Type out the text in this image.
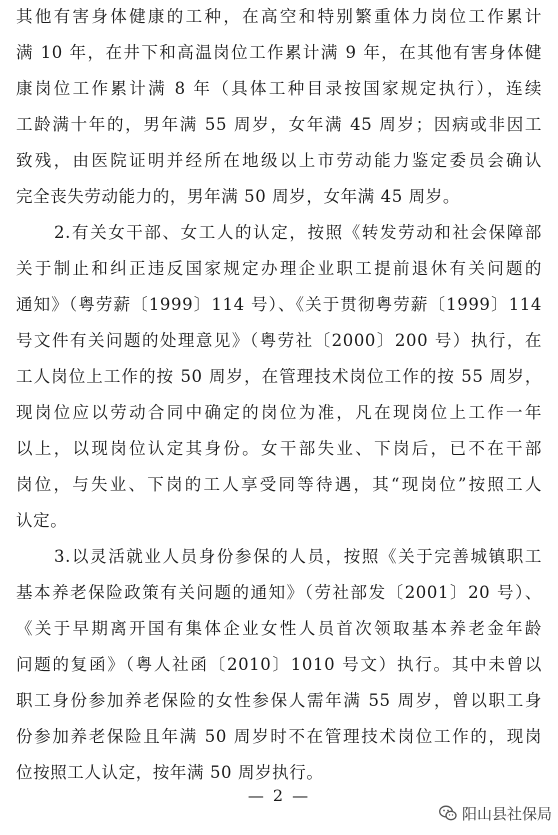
其他有害身体健康的工种，在高空和特别繁重体力岗位工作累计
满 10 年，在井下和高温岗位工作累计满 9 年，在其他有害身体健
康岗位工作累计满 8 年（具体工种目录按国家规定执行），连续
工龄满十年的，男年满 55 周岁，女年满 45 周岁；因病或非因工
致残，由医院证明并经所在地级以上市劳动能力鉴定委员会确认
完全丧失劳动能力的，男年满 50 周岁，女年满 45 周岁。
2.有关女干部、女工人的认定，按照《转发劳动和社会保障部
关于制止和纠正违反国家规定办理企业职工提前退休有关问题的
通知》（粤劳薪〔1999〕114 号）、《关于贯彻粤劳薪〔1999〕114
号文件有关问题的处理意见》（粤劳社〔2000〕200 号）执行，在
工人岗位上工作的按 50 周岁，在管理技术岗位工作的按 55 周岁，
现岗位应以劳动合同中确定的岗位为准，凡在现岗位上工作一年
以上，以现岗位认定其身份。女干部失业、下岗后，已不在干部
岗位，与失业、下岗的工人享受同等待遇，其“现岗位”按照工人
认定。
3.以灵活就业人员身份参保的人员，按照《关于完善城镇职工
基本养老保险政策有关问题的通知》（劳社部发〔2001〕20 号）、
《关于早期离开国有集体企业女性人员首次领取基本养老金年龄
问题的复函》（粤人社函〔2010〕1010 号文）执行。其中未曾以
职工身份参加养老保险的女性参保人需年满 55 周岁，曾以职工身
份参加养老保险且年满 50 周岁时不在管理技术岗位工作的，现岗
位按照工人认定，按年满 50 周岁执行。
— 2 —
阳山县社保局
